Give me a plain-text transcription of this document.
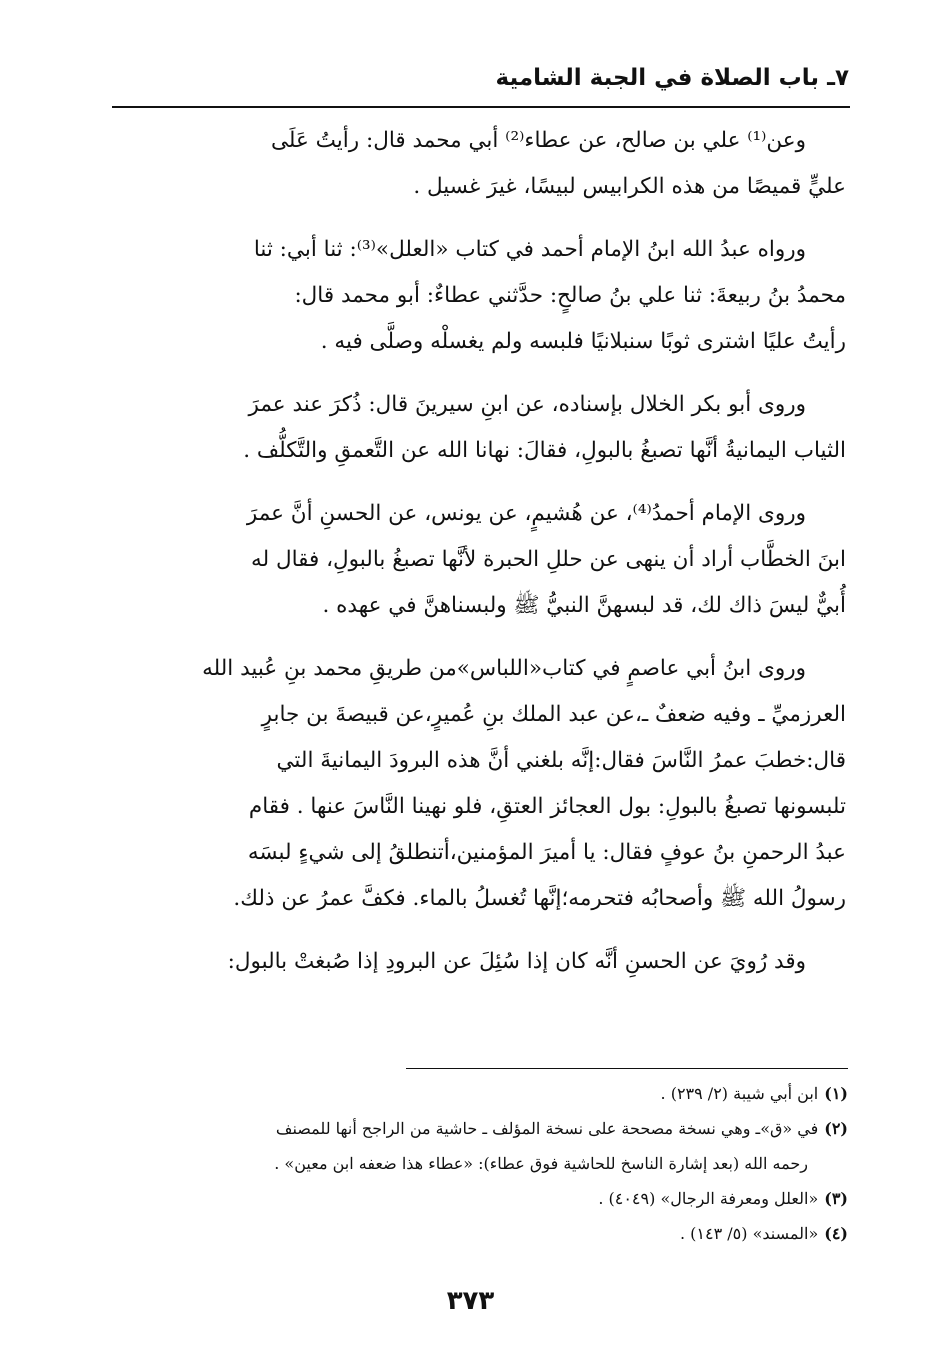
٧ـ باب الصلاة في الجبة الشامية

وعن⁽¹⁾ علي بن صالح، عن عطاء⁽²⁾ أبي محمد قال: رأيتُ عَلَى
عليٍّ قميصًا من هذه الكرابيس لبيسًا، غيرَ غسيل .

ورواه عبدُ الله ابنُ الإمام أحمد في كتاب «العلل»⁽³⁾: ثنا أبي: ثنا
محمدُ بنُ ربيعةَ: ثنا علي بنُ صالحٍ: حدَّثني عطاءٌ: أبو محمد قال:
رأيتُ عليًا اشترى ثوبًا سنبلانيًا فلبسه ولم يغسلْه وصلَّى فيه .

وروى أبو بكر الخلال بإسناده، عن ابنِ سيرينَ قال: ذُكرَ عند عمرَ
الثياب اليمانيةُ أنَّها تصبغُ بالبولِ، فقالَ: نهانا الله عن التَّعمقِ والتَّكلُّف .

وروى الإمام أحمدُ⁽⁴⁾، عن هُشيمٍ، عن يونس، عن الحسنِ أنَّ عمرَ
ابنَ الخطَّاب أراد أن ينهى عن حللِ الحبرة لأنَّها تصبغُ بالبولِ، فقال له
أُبيٌّ ليسَ ذاك لك، قد لبسهنَّ النبيُّ ﷺ ولبسناهنَّ في عهده .

وروى ابنُ أبي عاصمٍ في كتاب«اللباس»من طريقِ محمد بنِ عُبيد الله
العرزميِّ ـ وفيه ضعفٌ ـ،عن عبد الملك بنِ عُميرٍ،عن قبيصةَ بن جابرٍ
قال:خطبَ عمرُ النَّاسَ فقال:إنَّه بلغني أنَّ هذه البرودَ اليمانيةَ التي
تلبسونها تصبغُ بالبولِ: بول العجائز العتقِ، فلو نهينا النَّاسَ عنها . فقام
عبدُ الرحمنِ بنُ عوفٍ فقال: يا أميرَ المؤمنين،أتنطلقُ إلى شيءٍ لبسَه
رسولُ الله ﷺ وأصحابُه فتحرمه؛إنَّها تُغسلُ بالماء. فكفَّ عمرُ عن ذلك.

وقد رُويَ عن الحسنِ أنَّه كان إذا سُئِلَ عن البرودِ إذا صُبغتْ بالبول:

(١)ابن أبي شيبة (٢/ ٢٣٩) .

(٢)في «ق»ـ وهي نسخة مصححة على نسخة المؤلف ـ حاشية من الراجح أنها للمصنف

رحمه الله (بعد إشارة الناسخ للحاشية فوق عطاء): «عطاء هذا ضعفه ابن معين» .

(٣)«العلل ومعرفة الرجال» (٤٠٤٩) .

(٤)«المسند» (٥/ ١٤٣) .

٣٧٣
